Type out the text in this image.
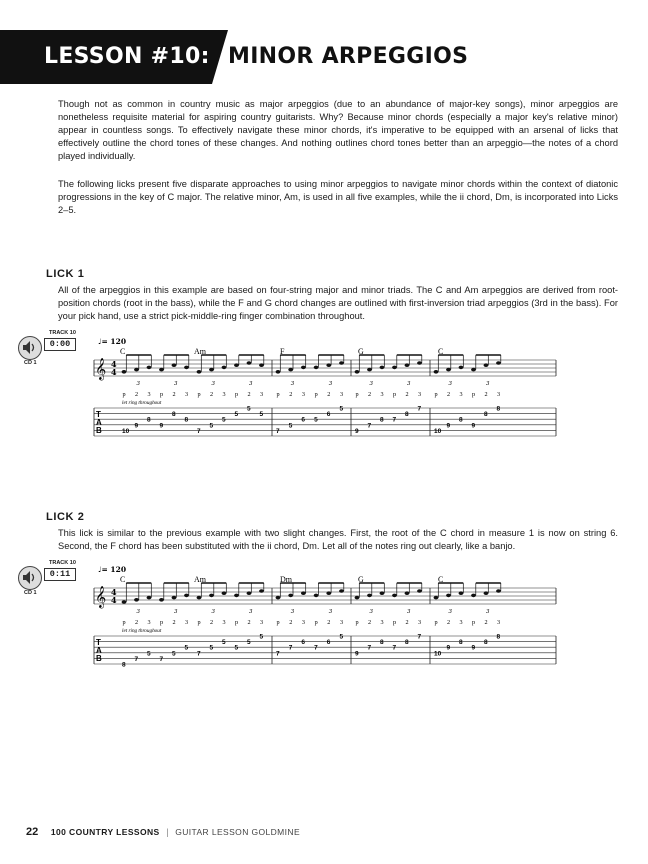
LESSON #10: MINOR ARPEGGIOS

Though not as common in country music as major arpeggios (due to an abundance of major-key songs), minor arpeggios are nonetheless requisite material for aspiring country guitarists. Why? Because minor chords (especially a major key's relative minor) appear in countless songs. To effectively navigate these minor chords, it's imperative to be equipped with an arsenal of licks that effectively outline the chord tones of these changes. And nothing outlines chord tones better than an arpeggio—the notes of a chord played individually.

The following licks present five disparate approaches to using minor arpeggios to navigate minor chords within the context of diatonic progressions in the key of C major. The relative minor, Am, is used in all five examples, while the ii chord, Dm, is incorporated into Licks 2–5.

LICK 1

All of the arpeggios in this example are based on four-string major and minor triads. The C and Am arpeggios are derived from root-position chords (root in the bass), while the F and G chord changes are outlined with first-inversion triad arpeggios (3rd in the bass). For your pick hand, use a strict pick-middle-ring finger combination throughout.

TRACK 10
0:00
CD 1	𝄞 4
4
T
A
B
♩= 120
C	Am	F	G	C
10
9
8
9
8
8
7
5
5
5
5
5
7
5
6 5
6
5
9
7
8 7
8
7
10
9
8
9
8
8
3	3	3	3	3	3	3	3	3	3
p 2 3 p 2 3 p 2 3 p 2 3 p 2 3 p 2 3 p 2 3 p 2 3 p 2 3 p 2 3
let ring throughout
LICK 2

This lick is similar to the previous example with two slight changes. First, the root of the C chord in measure 1 is now on string 6. Second, the F chord has been substituted with the ii chord, Dm. Let all of the notes ring out clearly, like a banjo.

TRACK 10
0:11
CD 1	𝄞 4
4
T
A
B
♩= 120
C	Am	Dm	G	C
8
7
5
7
5
5
7
5
5
5
5
5
7
7
6
7
6
5
9
7
8
7
8
7
10
9
8
9
8
8
3	3	3	3	3	3	3	3	3	3
p 2 3 p 2 3 p 2 3 p 2 3 p 2 3 p 2 3 p 2 3 p 2 3 p 2 3 p 2 3
let ring throughout
22 100 COUNTRY LESSONS | GUITAR LESSON GOLDMINE
